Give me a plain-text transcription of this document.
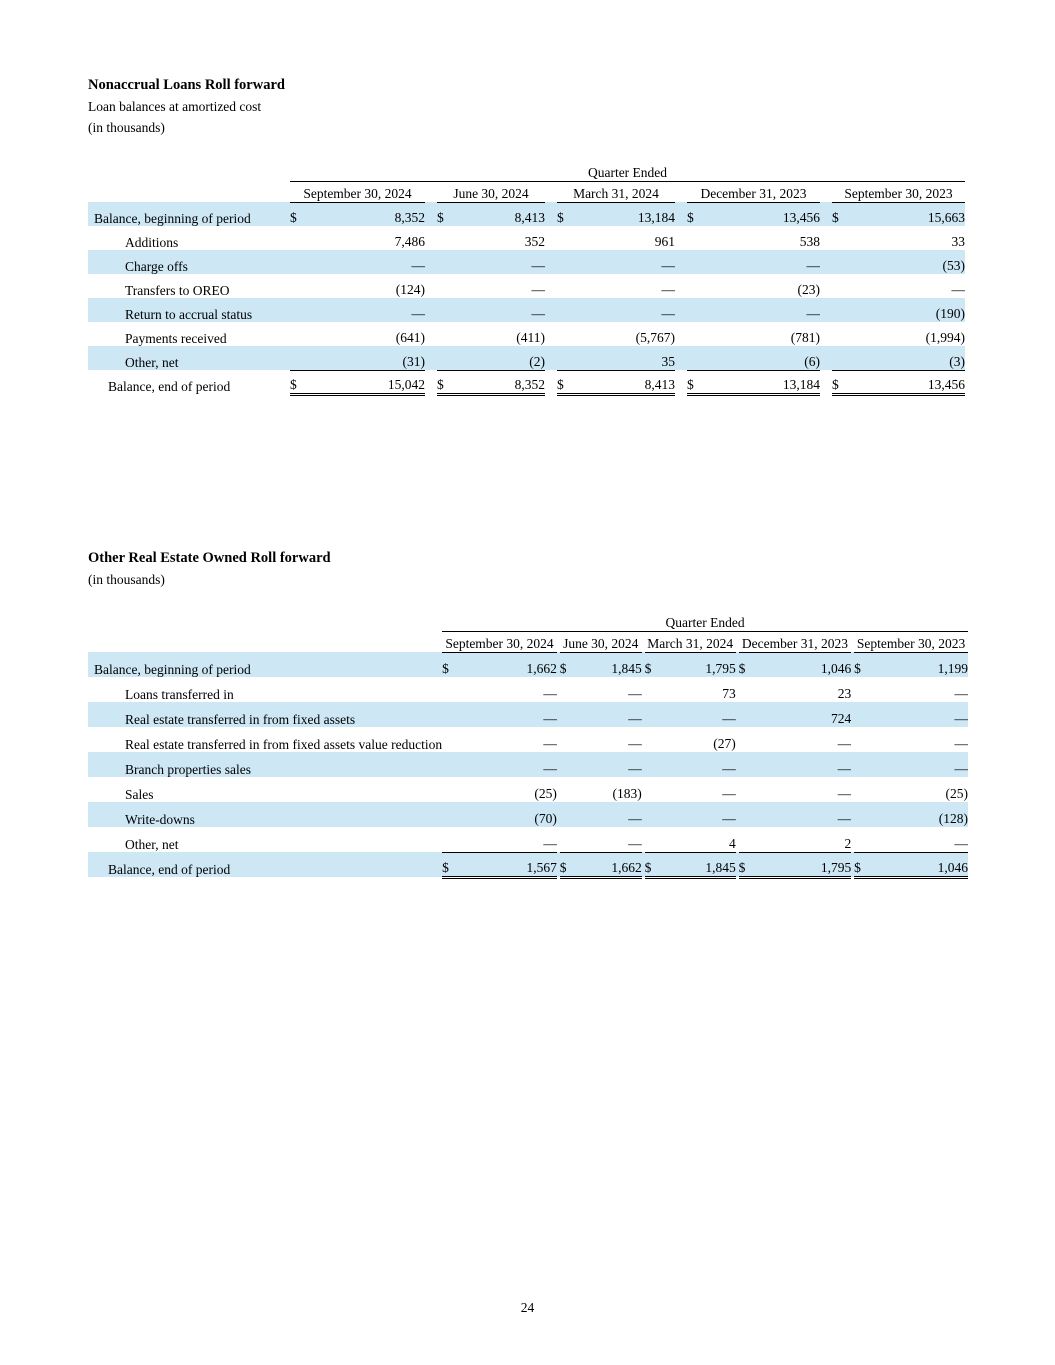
Nonaccrual Loans Roll forward
Loan balances at amortized cost
(in thousands)
	Quarter Ended													
	September 30, 2024			June 30, 2024			March 31, 2024			December 31, 2023			September 30, 2023	
Balance, beginning of period	$	8,352		$	8,413		$	13,184		$	13,456		$	15,663
Additions		7,486			352			961			538			33
Charge offs		—			—			—			—			(53)
Transfers to OREO		(124)			—			—			(23)			—
Return to accrual status		—			—			—			—			(190)
Payments received		(641)			(411)			(5,767)			(781)			(1,994)
Other, net		(31)			(2)			35			(6)			(3)
Balance, end of period	$	15,042		$	8,352		$	8,413		$	13,184		$	13,456
Other Real Estate Owned Roll forward
(in thousands)
	Quarter Ended													
	September 30, 2024			June 30, 2024			March 31, 2024			December 31, 2023			September 30, 2023	
Balance, beginning of period	$	1,662		$	1,845		$	1,795		$	1,046		$	1,199
Loans transferred in		—			—			73			23			—
Real estate transferred in from fixed assets		—			—			—			724			—
Real estate transferred in from fixed assets value reduction		—			—			(27)			—			—
Branch properties sales		—			—			—			—			—
Sales		(25)			(183)			—			—			(25)
Write-downs		(70)			—			—			—			(128)
Other, net		—			—			4			2			—
Balance, end of period	$	1,567		$	1,662		$	1,845		$	1,795		$	1,046
24
